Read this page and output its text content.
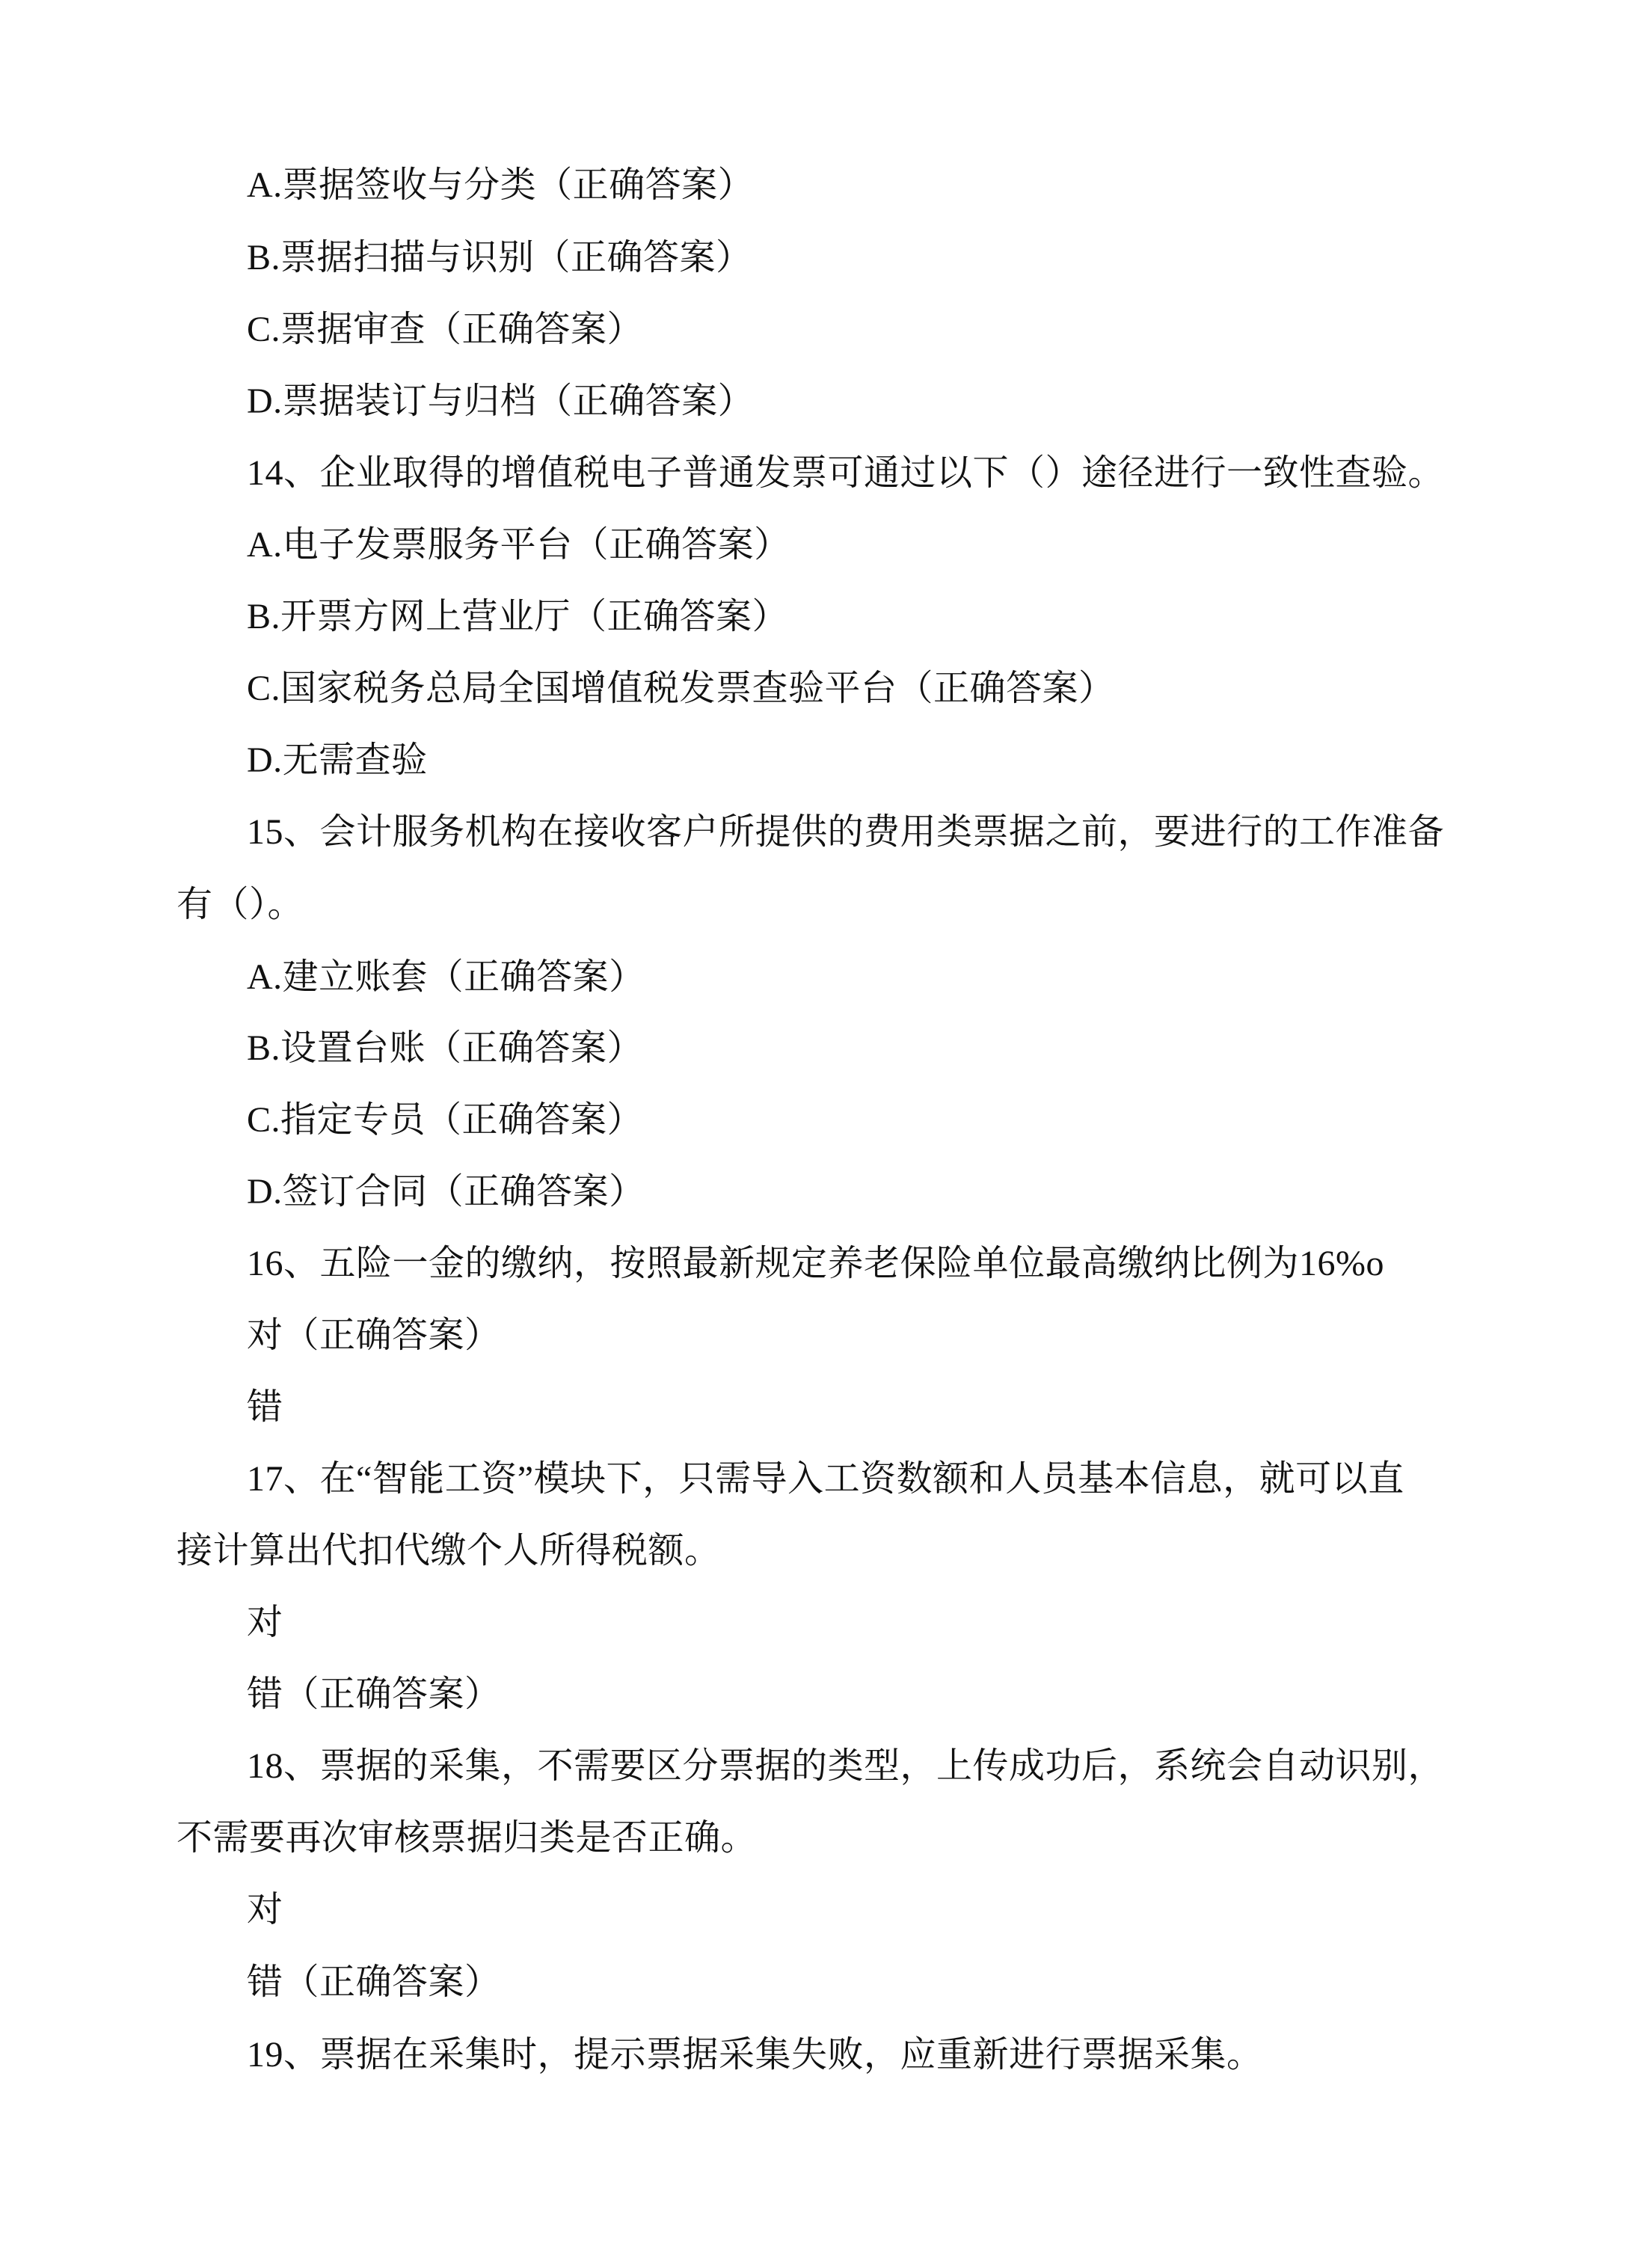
A.票据签收与分类（正确答案）
B.票据扫描与识别（正确答案）
C.票据审查（正确答案）
D.票据装订与归档（正确答案）
14、企业取得的增值税电子普通发票可通过以下（）途径进行一致性查验。
A.电子发票服务平台（正确答案）
B.开票方网上营业厅（正确答案）
C.国家税务总局全国增值税发票查验平台（正确答案）
D.无需查验
15、会计服务机构在接收客户所提供的费用类票据之前，要进行的工作准备
有（）。
A.建立账套（正确答案）
B.设置台账（正确答案）
C.指定专员（正确答案）
D.签订合同（正确答案）
16、五险一金的缴纳，按照最新规定养老保险单位最高缴纳比例为16%o
对（正确答案）
错
17、在“智能工资”模块下，只需导入工资数额和人员基本信息，就可以直
接计算出代扣代缴个人所得税额。
对
错（正确答案）
18、票据的采集，不需要区分票据的类型，上传成功后，系统会自动识别，
不需要再次审核票据归类是否正确。
对
错（正确答案）
19、票据在采集时，提示票据采集失败，应重新进行票据采集。
